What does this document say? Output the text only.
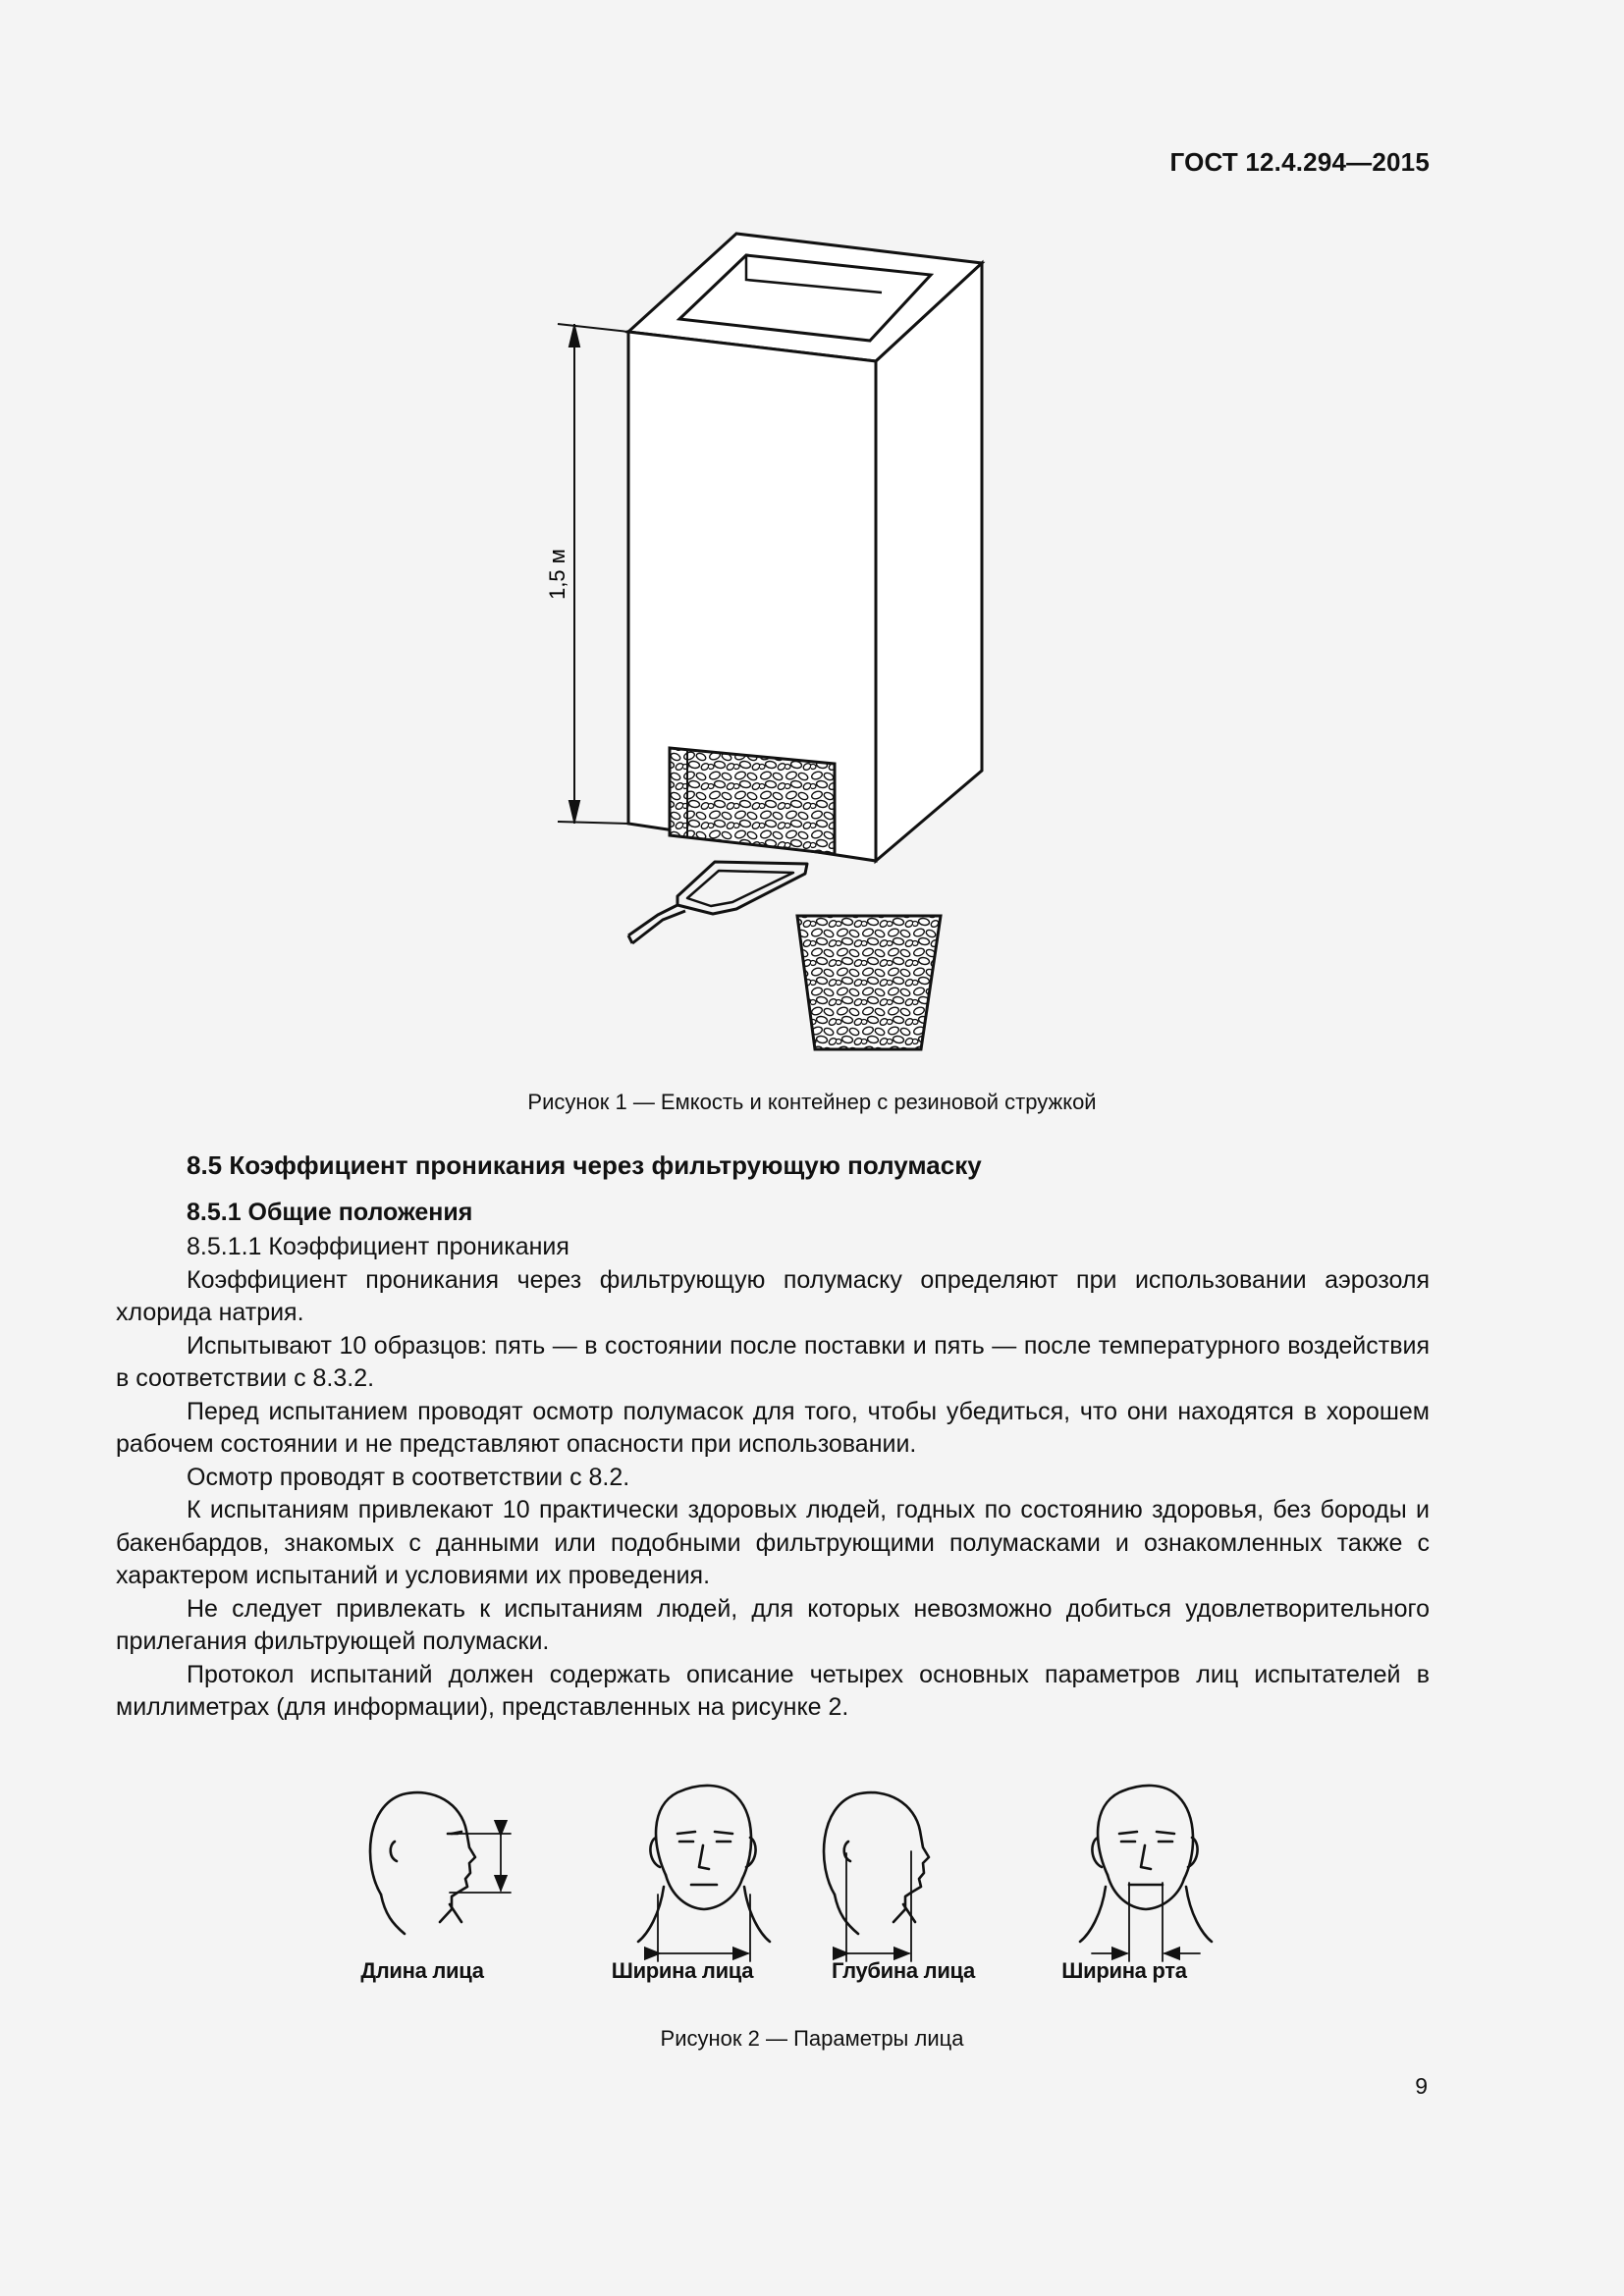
ГОСТ 12.4.294—2015
1,5 м
Рисунок 1 — Емкость и контейнер с резиновой стружкой
8.5 Коэффициент проникания через фильтрующую полумаску
8.5.1 Общие положения

8.5.1.1 Коэффициент проникания

Коэффициент проникания через фильтрующую полумаску определяют при использовании аэрозоля хлорида натрия.

Испытывают 10 образцов: пять — в состоянии после поставки и пять — после температурного воздействия в соответствии с 8.3.2.

Перед испытанием проводят осмотр полумасок для того, чтобы убедиться, что они находятся в хорошем рабочем состоянии и не представляют опасности при использовании.

Осмотр проводят в соответствии с 8.2.

К испытаниям привлекают 10 практически здоровых людей, годных по состоянию здоровья, без бороды и бакенбардов, знакомых с данными или подобными фильтрующими полумасками и ознакомленных также с характером испытаний и условиями их проведения.

Не следует привлекать к испытаниям людей, для которых невозможно добиться удовлетворительного прилегания фильтрующей полумаски.

Протокол испытаний должен содержать описание четырех основных параметров лиц испытателей в миллиметрах (для информации), представленных на рисунке 2.

Длина лица	Ширина лица	Глубина лица	Ширина рта
Рисунок 2 — Параметры лица
9
